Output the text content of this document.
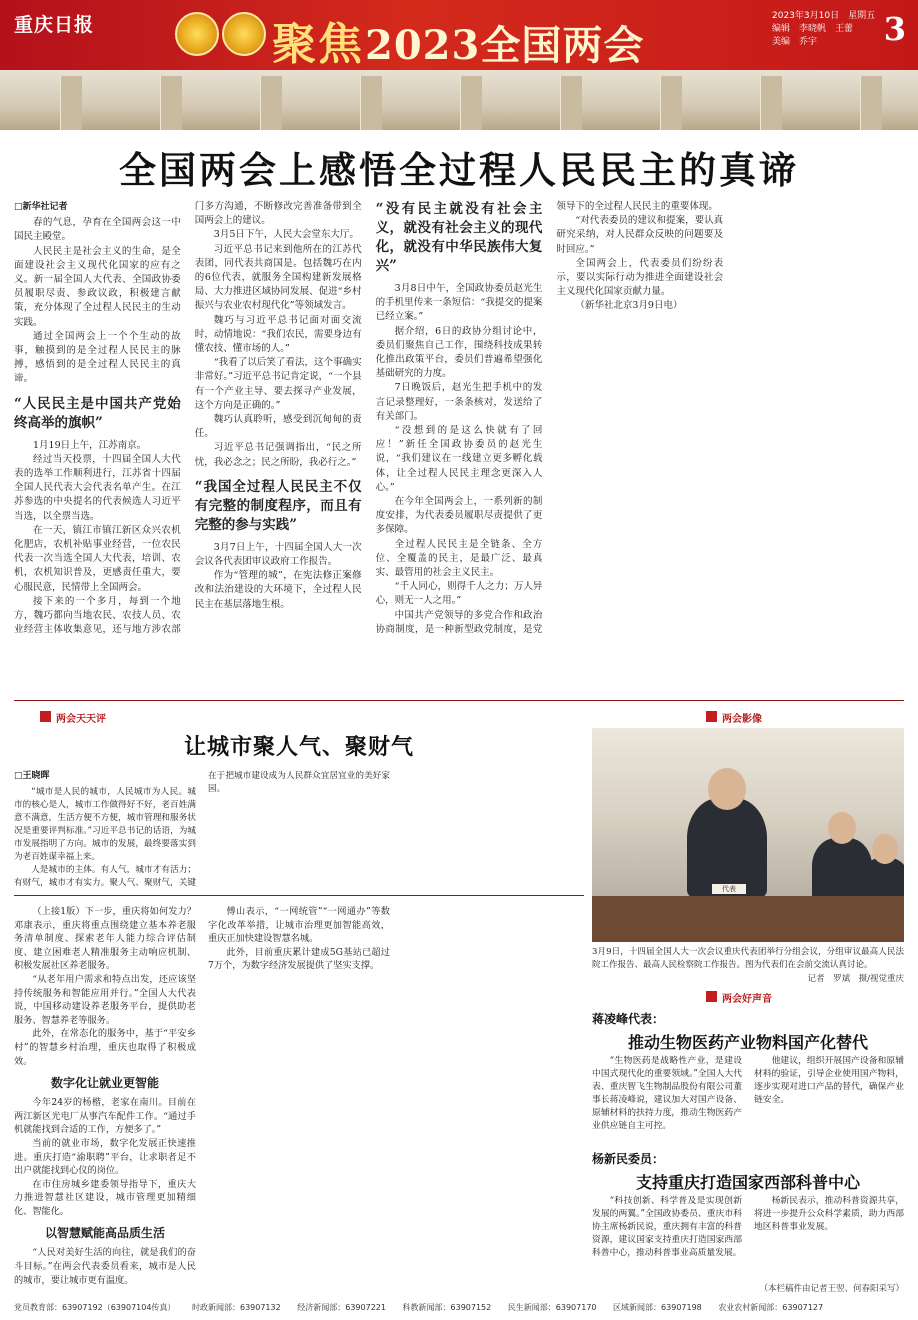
重庆日报	聚焦 2023全国两会
2023年3月10日　星期五
编辑　李晓帆　王蕾
美编　乔宇	3
全国两会上感悟全过程人民民主的真谛
□新华社记者

春的气息，孕育在全国两会这一中国民主殿堂。

人民民主是社会主义的生命，是全面建设社会主义现代化国家的应有之义。新一届全国人大代表、全国政协委员履职尽责、参政议政，积极建言献策，充分体现了全过程人民民主的生动实践。

通过全国两会上一个个生动的故事，触摸到的是全过程人民民主的脉搏，感悟到的是全过程人民民主的真谛。

“人民民主是中国共产党始终高举的旗帜”

1月19日上午，江苏南京。

经过当天投票，十四届全国人大代表的选举工作顺利进行，江苏省十四届全国人民代表大会代表名单产生。在江苏参选的中央提名的代表候选人习近平当选，以全票当选。

在一天，镇江市镇江新区众兴农机化肥店，农机补贴事业经营，一位农民代表一次当选全国人大代表，培训、农机，农机知识普及，更感责任重大，要心服民意，民情带上全国两会。

接下来的一个多月，每到一个地方，魏巧都向当地农民、农技人员、农业经营主体收集意见，还与地方涉农部门多方沟通，不断修改完善准备带到全国两会上的建议。

3月5日下午，人民大会堂东大厅。

习近平总书记来到他所在的江苏代表团，同代表共商国是。包括魏巧在内的6位代表，就服务全国构建新发展格局、大力推进区域协同发展、促进“乡村振兴与农业农村现代化”等领域发言。

魏巧与习近平总书记面对面交流时，动情地说：“我们农民，需要身边有懂农技、懂市场的人。”

“我看了以后笑了看法，这个事确实非常好。”习近平总书记肯定说，“一个县有一个产业主导、要去探寻产业发展，这个方向是正确的。”

魏巧认真聆听，感受到沉甸甸的责任。

习近平总书记强调指出，“民之所忧，我必念之；民之所盼，我必行之。”

“我国全过程人民民主不仅有完整的制度程序，而且有完整的参与实践”

3月7日上午，十四届全国人大一次会议各代表团审议政府工作报告。

作为“管理的城”，在宪法修正案修改和法治建设的大环境下，全过程人民民主在基层落地生根。

“没有民主就没有社会主义，就没有社会主义的现代化，就没有中华民族伟大复兴”

3月8日中午，全国政协委员赵光生的手机里传来一条短信：“我提交的提案已经立案。”

据介绍，6日的政协分组讨论中，委员们聚焦自己工作，围绕科技成果转化推出政策平台，委员们普遍希望强化基础研究的力度。

7日晚饭后，赵光生把手机中的发言记录整理好，一条条核对，发送给了有关部门。

“没想到的是这么快就有了回应！”新任全国政协委员的赵光生说，“我们建议在一线建立更多孵化载体，让全过程人民民主理念更深入人心。”

在今年全国两会上，一系列新的制度安排，为代表委员履职尽责提供了更多保障。

全过程人民民主是全链条、全方位、全覆盖的民主，是最广泛、最真实、最管用的社会主义民主。

“千人同心，则得千人之力；万人异心，则无一人之用。”

中国共产党领导的多党合作和政治协商制度，是一种新型政党制度，是党领导下的全过程人民民主的重要体现。

“对代表委员的建议和提案，要认真研究采纳，对人民群众反映的问题要及时回应。”

全国两会上，代表委员们纷纷表示，要以实际行动为推进全面建设社会主义现代化国家贡献力量。

（新华社北京3月9日电）

两会天天评
让城市聚人气、聚财气
□王晓晖

“城市是人民的城市，人民城市为人民。城市的核心是人，城市工作做得好不好，老百姓满意不满意，生活方便不方便，城市管理和服务状况是重要评判标准。”习近平总书记的话语，为城市发展指明了方向。城市的发展，最终要落实到为老百姓谋幸福上来。

人是城市的主体。有人气，城市才有活力；有财气，城市才有实力。聚人气、聚财气，关键在于把城市建设成为人民群众宜居宜业的美好家园。

（上接1版）下一步，重庆将如何发力？邓康表示，重庆将重点围绕建立基本养老服务清单制度、探索老年人能力综合评估制度、建立困难老人精准服务主动响应机制、积极发展社区养老服务。

“从老年用户需求和特点出发，还应该坚持传统服务和智能应用并行。”全国人大代表说，中国移动建设养老服务平台，提供助老服务、智慧养老等服务。

此外，在常态化的服务中，基于“平安乡村”的智慧乡村治理，重庆也取得了积极成效。

数字化让就业更智能

今年24岁的杨楷，老家在南川。目前在两江新区光电厂从事汽车配件工作。“通过手机就能找到合适的工作，方便多了。”

当前的就业市场，数字化发展正快速推进。重庆打造“渝职聘”平台，让求职者足不出户就能找到心仪的岗位。

在市住房城乡建委领导指导下，重庆大力推进智慧社区建设，城市管理更加精细化、智能化。

以智慧赋能高品质生活

“人民对美好生活的向往，就是我们的奋斗目标。”在两会代表委员看来，城市是人民的城市，要让城市更有温度。

傅山表示，“一网统管”“一网通办”等数字化改革举措，让城市治理更加智能高效，重庆正加快建设智慧名城。

此外，目前重庆累计建成5G基站已超过7万个，为数字经济发展提供了坚实支撑。

两会影像
代表
3月9日，十四届全国人大一次会议重庆代表团举行分组会议，分组审议最高人民法院工作报告、最高人民检察院工作报告。图为代表们在会前交流认真讨论。
记者　罗斌　摄/视觉重庆
两会好声音
蒋凌峰代表：
推动生物医药产业物料国产化替代

“生物医药是战略性产业，是建设中国式现代化的重要领域。”全国人大代表、重庆智飞生物制品股份有限公司董事长蒋凌峰说，建议加大对国产设备、原辅材料的扶持力度，推动生物医药产业供应链自主可控。

他建议，组织开展国产设备和原辅材料的验证，引导企业使用国产物料，逐步实现对进口产品的替代，确保产业链安全。

杨新民委员：
支持重庆打造国家西部科普中心

“科技创新、科学普及是实现创新发展的两翼。”全国政协委员、重庆市科协主席杨新民说，重庆拥有丰富的科普资源，建议国家支持重庆打造国家西部科普中心，推动科普事业高质量发展。

杨新民表示，推动科普资源共享，将进一步提升公众科学素质，助力西部地区科普事业发展。

（本栏稿件由记者王翌、何春阳采写）
党员教育部：63907192（63907104传真） 时政新闻部：63907132 经济新闻部：63907221 科教新闻部：63907152 民生新闻部：63907170 区域新闻部：63907198 农业农村新闻部：63907127
